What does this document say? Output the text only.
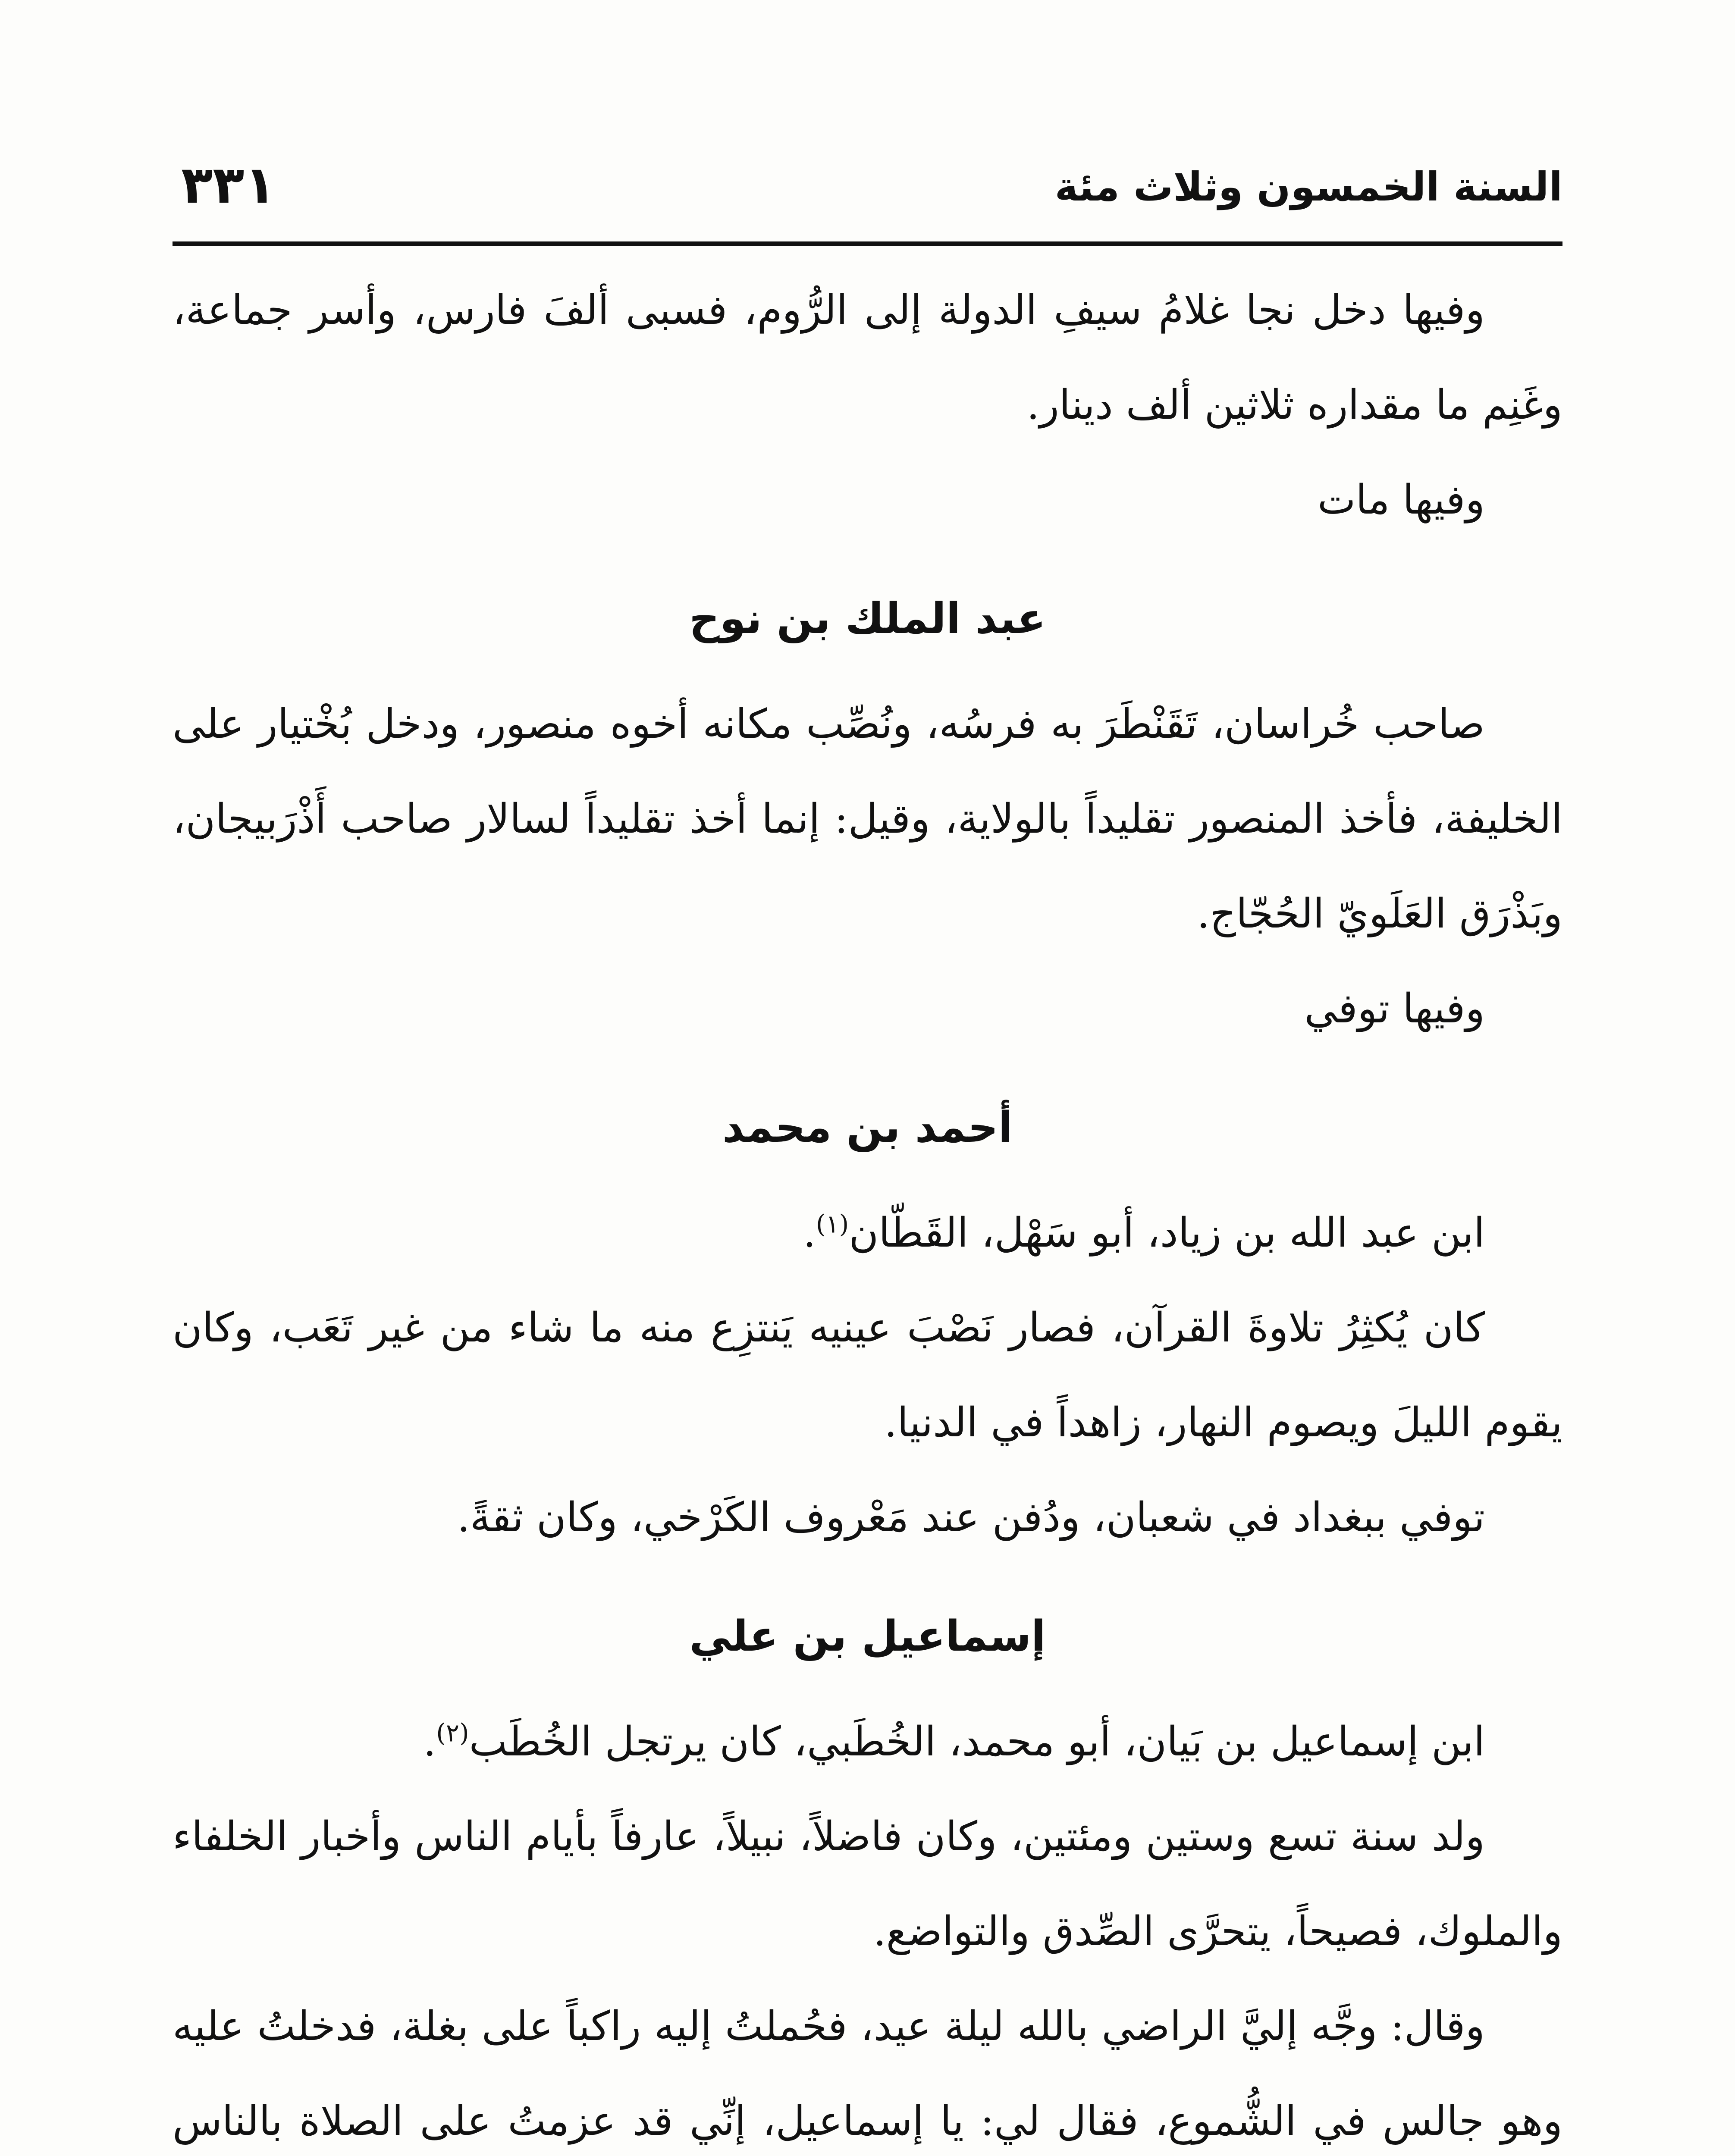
السنة الخمسون وثلاث مئة
٣٣١

وفيها دخل نجا غلامُ سيفِ الدولة إلى الرُّوم، فسبى ألفَ فارس، وأسر جماعة، وغَنِم ما مقداره ثلاثين ألف دينار.

وفيها مات

عبد الملك بن نوح

صاحب خُراسان، تَقَنْطَرَ به فرسُه، ونُصِّب مكانه أخوه منصور، ودخل بُخْتيار على الخليفة، فأخذ المنصور تقليداً بالولاية، وقيل: إنما أخذ تقليداً لسالار صاحب أَذْرَبيجان، وبَذْرَق العَلَويّ الحُجّاج.

وفيها توفي

أحمد بن محمد

ابن عبد الله بن زياد، أبو سَهْل، القَطّان$^{(١)}$.

كان يُكثِرُ تلاوةَ القرآن، فصار نَصْبَ عينيه يَنتزِع منه ما شاء من غير تَعَب، وكان يقوم الليلَ ويصوم النهار، زاهداً في الدنيا.

توفي ببغداد في شعبان، ودُفن عند مَعْروف الكَرْخي، وكان ثقةً.

إسماعيل بن علي

ابن إسماعيل بن بَيان، أبو محمد، الخُطَبي، كان يرتجل الخُطَب$^{(٢)}$.

ولد سنة تسع وستين ومئتين، وكان فاضلاً، نبيلاً، عارفاً بأيام الناس وأخبار الخلفاء والملوك، فصيحاً، يتحرَّى الصِّدق والتواضع.

وقال: وجَّه إليَّ الراضي بالله ليلة عيد، فحُملتُ إليه راكباً على بغلة، فدخلتُ عليه وهو جالس في الشُّموع، فقال لي: يا إسماعيل، إنِّي قد عزمتُ على الصلاة بالناس
